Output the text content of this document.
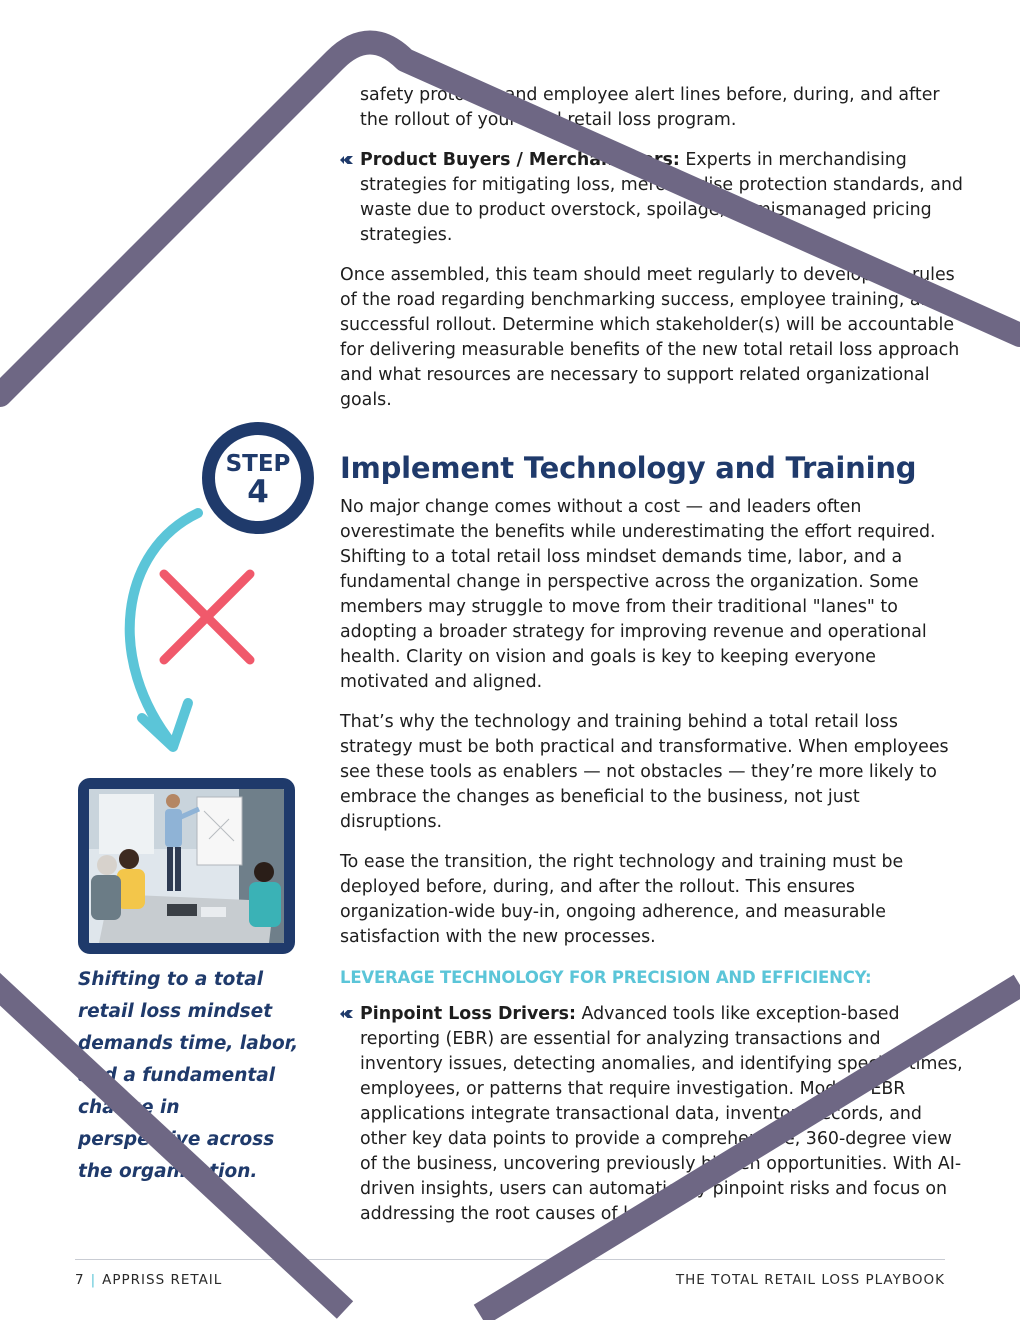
safety protocols and employee alert lines before, during, and after the rollout of your total retail loss program.

Product Buyers / Merchandisers: Experts in merchandising strategies for mitigating loss, merchandise protection standards, and waste due to product overstock, spoilage, or mismanaged pricing strategies.

Once assembled, this team should meet regularly to develop the rules of the road regarding benchmarking success, employee training, and successful rollout. Determine which stakeholder(s) will be accountable for delivering measurable benefits of the new total retail loss approach and what resources are necessary to support related organizational goals.

STEP
4
Implement Technology and Training

No major change comes without a cost — and leaders often overestimate the benefits while underestimating the effort required. Shifting to a total retail loss mindset demands time, labor, and a fundamental change in perspective across the organization. Some members may struggle to move from their traditional "lanes" to adopting a broader strategy for improving revenue and operational health. Clarity on vision and goals is key to keeping everyone motivated and aligned.

That’s why the technology and training behind a total retail loss strategy must be both practical and transformative. When employees see these tools as enablers — not obstacles — they’re more likely to embrace the changes as beneficial to the business, not just disruptions.

To ease the transition, the right technology and training must be deployed before, during, and after the rollout. This ensures organization-wide buy-in, ongoing adherence, and measurable satisfaction with the new processes.

LEVERAGE TECHNOLOGY FOR PRECISION AND EFFICIENCY:
Pinpoint Loss Drivers: Advanced tools like exception-based reporting (EBR) are essential for analyzing transactions and inventory issues, detecting anomalies, and identifying specific times, employees, or patterns that require investigation. Modern EBR applications integrate transactional data, inventory records, and other key data points to provide a comprehensive, 360-degree view of the business, uncovering previously hidden opportunities. With AI-driven insights, users can automatically pinpoint risks and focus on addressing the root causes of loss.

Shifting to a total retail loss mindset demands time, labor, and a fundamental change in perspective across the organization.

7 | APPRISS RETAIL	THE TOTAL RETAIL LOSS PLAYBOOK
